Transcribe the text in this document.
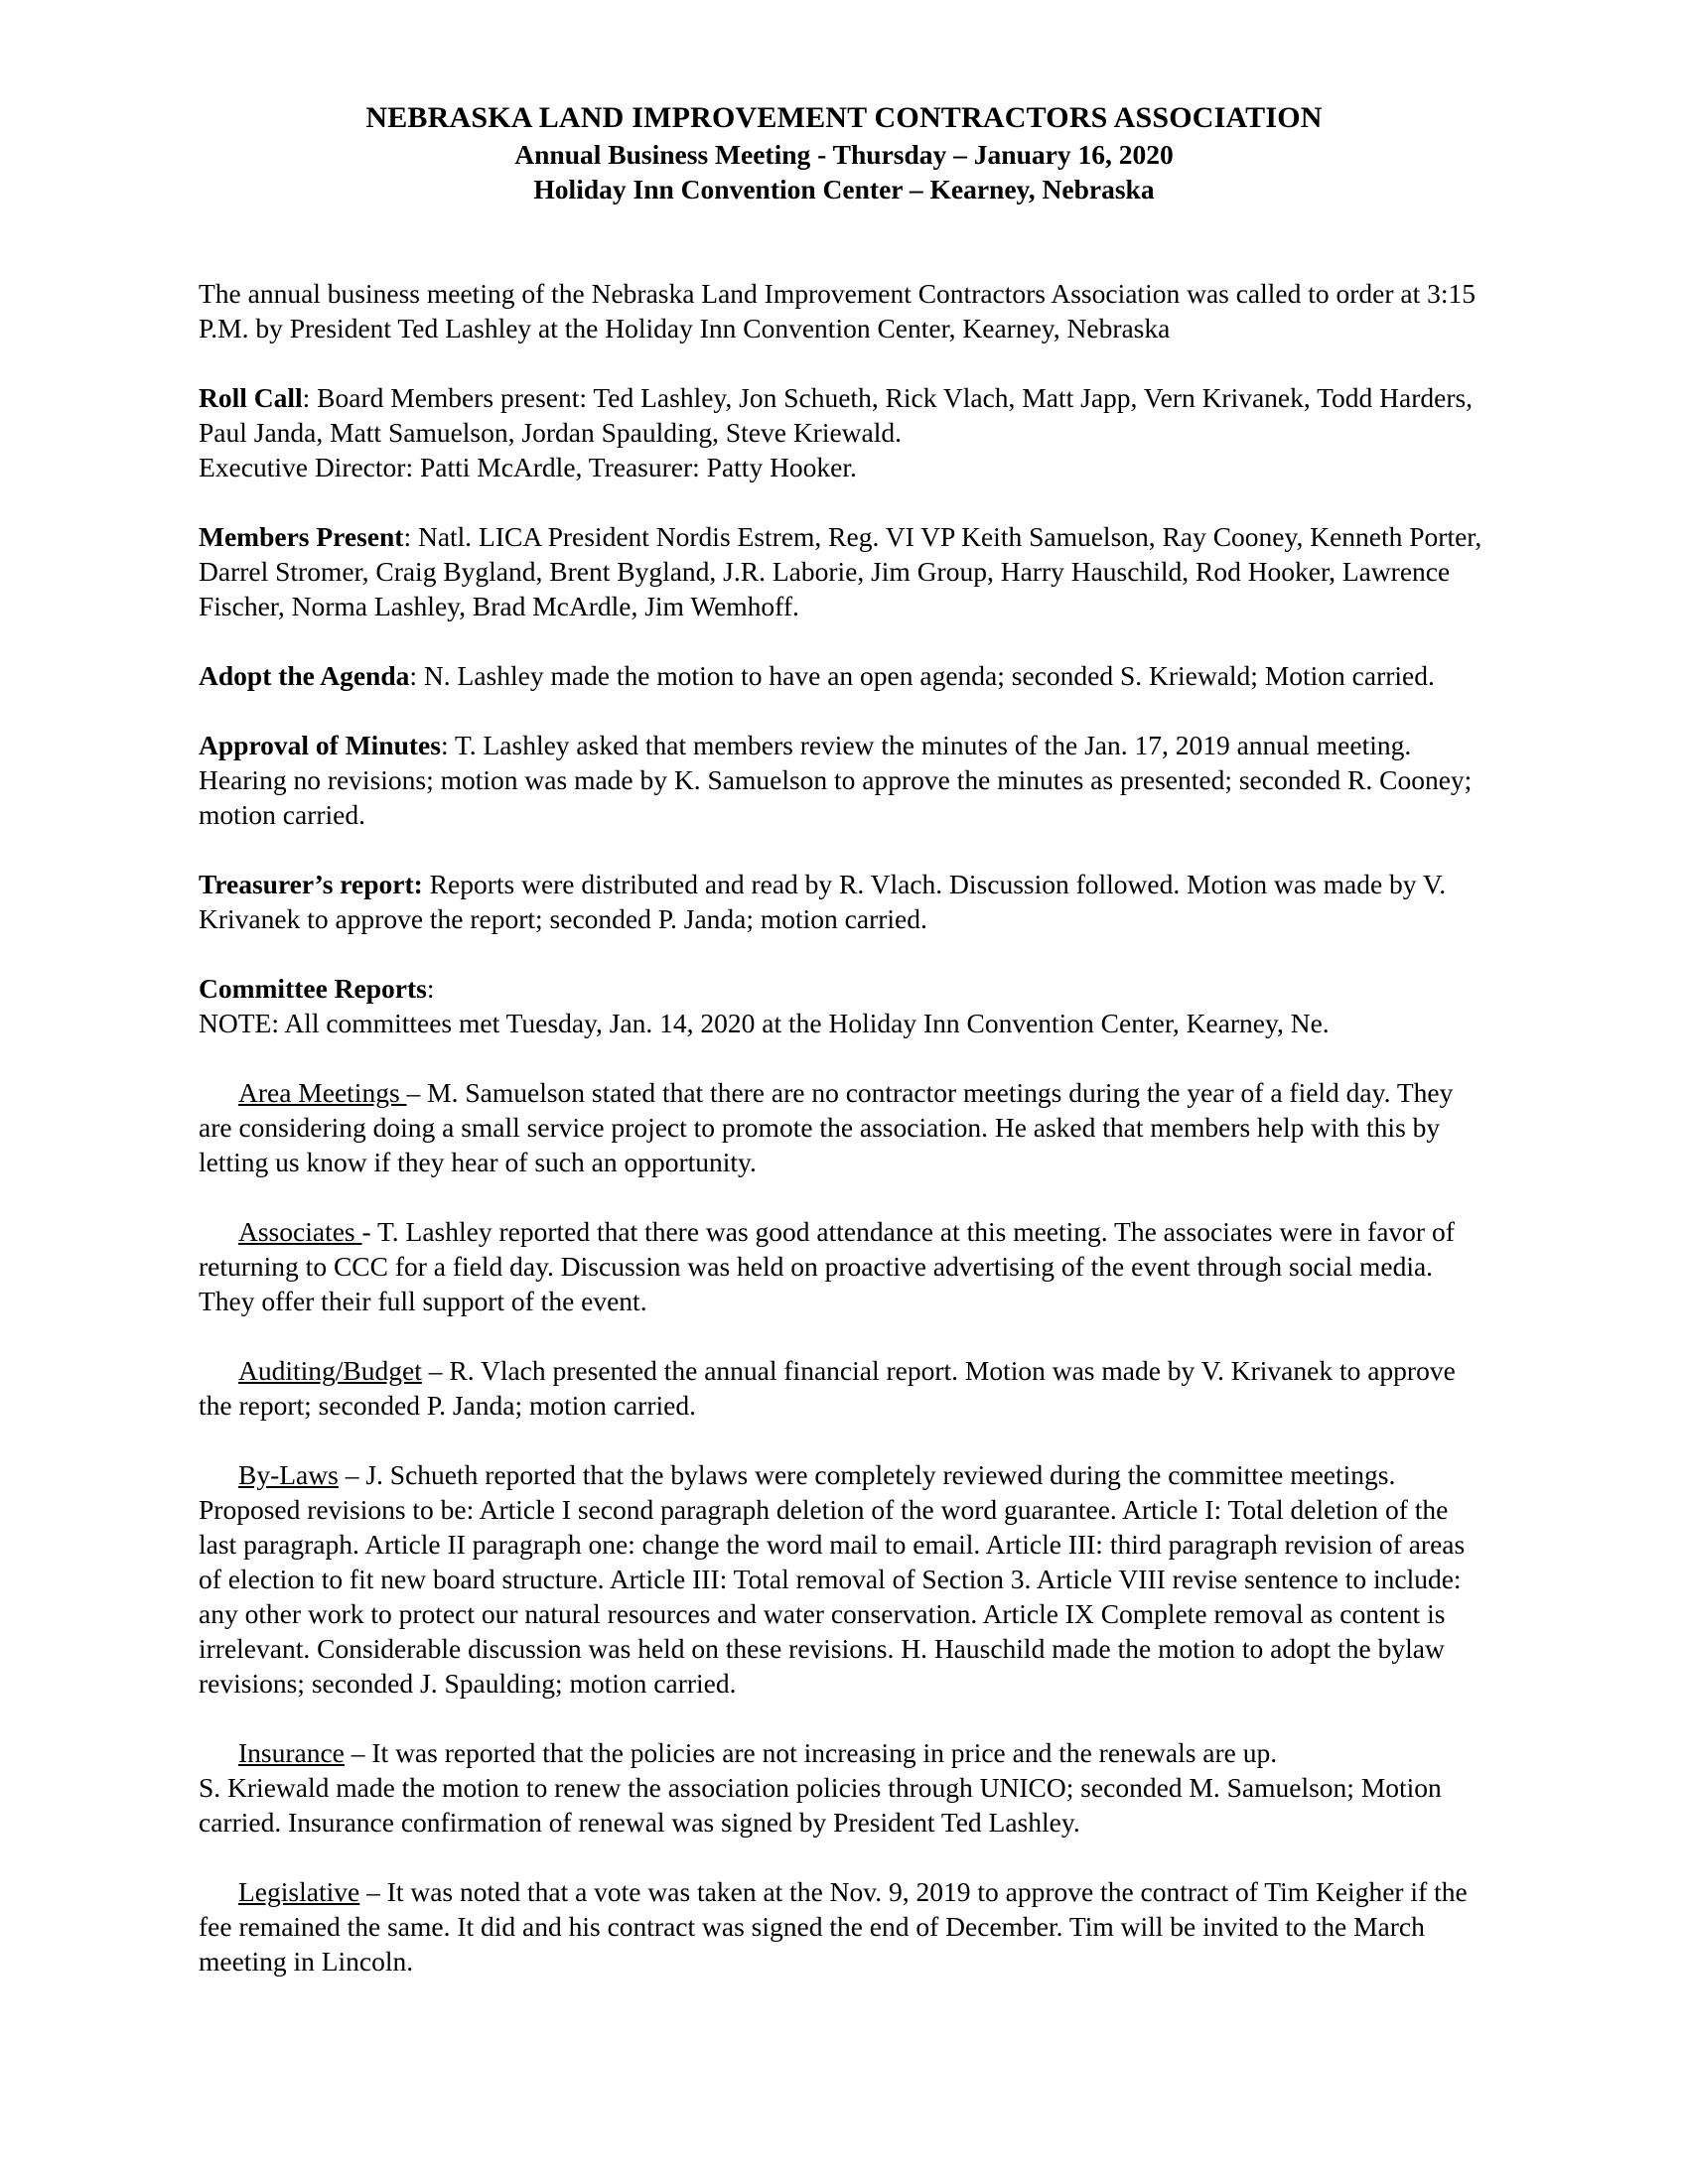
NEBRASKA LAND IMPROVEMENT CONTRACTORS ASSOCIATION
Annual Business Meeting - Thursday – January 16, 2020
Holiday Inn Convention Center – Kearney, Nebraska

The annual business meeting of the Nebraska Land Improvement Contractors Association was called to order at 3:15 P.M. by President Ted Lashley at the Holiday Inn Convention Center, Kearney, Nebraska

Roll Call: Board Members present: Ted Lashley, Jon Schueth, Rick Vlach, Matt Japp, Vern Krivanek, Todd Harders, Paul Janda, Matt Samuelson, Jordan Spaulding, Steve Kriewald.
Executive Director: Patti McArdle, Treasurer: Patty Hooker.

Members Present: Natl. LICA President Nordis Estrem, Reg. VI VP Keith Samuelson, Ray Cooney, Kenneth Porter, Darrel Stromer, Craig Bygland, Brent Bygland, J.R. Laborie, Jim Group, Harry Hauschild, Rod Hooker, Lawrence Fischer, Norma Lashley, Brad McArdle, Jim Wemhoff.

Adopt the Agenda: N. Lashley made the motion to have an open agenda; seconded S. Kriewald; Motion carried.

Approval of Minutes: T. Lashley asked that members review the minutes of the Jan. 17, 2019 annual meeting. Hearing no revisions; motion was made by K. Samuelson to approve the minutes as presented; seconded R. Cooney; motion carried.

Treasurer’s report: Reports were distributed and read by R. Vlach. Discussion followed. Motion was made by V. Krivanek to approve the report; seconded P. Janda; motion carried.

Committee Reports:
NOTE: All committees met Tuesday, Jan. 14, 2020 at the Holiday Inn Convention Center, Kearney, Ne.

Area Meetings – M. Samuelson stated that there are no contractor meetings during the year of a field day. They are considering doing a small service project to promote the association. He asked that members help with this by letting us know if they hear of such an opportunity.

Associates - T. Lashley reported that there was good attendance at this meeting. The associates were in favor of returning to CCC for a field day. Discussion was held on proactive advertising of the event through social media. They offer their full support of the event.

Auditing/Budget – R. Vlach presented the annual financial report. Motion was made by V. Krivanek to approve the report; seconded P. Janda; motion carried.

By-Laws – J. Schueth reported that the bylaws were completely reviewed during the committee meetings. Proposed revisions to be: Article I second paragraph deletion of the word guarantee. Article I: Total deletion of the last paragraph. Article II paragraph one: change the word mail to email. Article III: third paragraph revision of areas of election to fit new board structure. Article III: Total removal of Section 3. Article VIII revise sentence to include: any other work to protect our natural resources and water conservation. Article IX Complete removal as content is irrelevant. Considerable discussion was held on these revisions. H. Hauschild made the motion to adopt the bylaw revisions; seconded J. Spaulding; motion carried.

Insurance – It was reported that the policies are not increasing in price and the renewals are up.
S. Kriewald made the motion to renew the association policies through UNICO; seconded M. Samuelson; Motion carried. Insurance confirmation of renewal was signed by President Ted Lashley.

Legislative – It was noted that a vote was taken at the Nov. 9, 2019 to approve the contract of Tim Keigher if the fee remained the same. It did and his contract was signed the end of December. Tim will be invited to the March meeting in Lincoln.
